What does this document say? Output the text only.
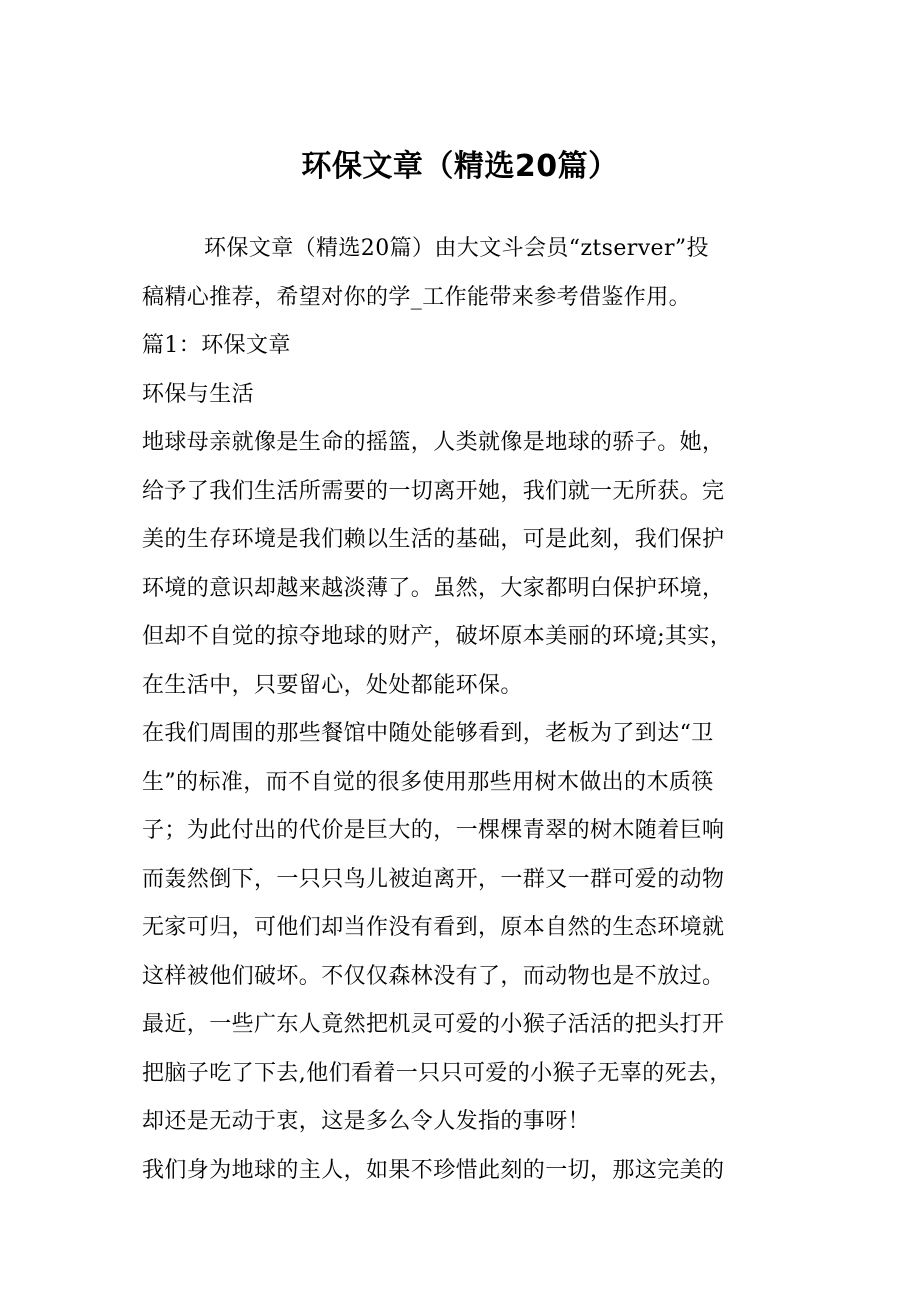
环保文章（精选20篇）
环保文章（精选20篇）由大文斗会员“ztserver”投
稿精心推荐，希望对你的学_工作能带来参考借鉴作用。
篇1：环保文章
环保与生活
地球母亲就像是生命的摇篮，人类就像是地球的骄子。她，
给予了我们生活所需要的一切离开她，我们就一无所获。完
美的生存环境是我们赖以生活的基础，可是此刻，我们保护
环境的意识却越来越淡薄了。虽然，大家都明白保护环境，
但却不自觉的掠夺地球的财产，破坏原本美丽的环境;其实，
在生活中，只要留心，处处都能环保。
在我们周围的那些餐馆中随处能够看到，老板为了到达“卫
生”的标准，而不自觉的很多使用那些用树木做出的木质筷
子；为此付出的代价是巨大的，一棵棵青翠的树木随着巨响
而轰然倒下，一只只鸟儿被迫离开，一群又一群可爱的动物
无家可归，可他们却当作没有看到，原本自然的生态环境就
这样被他们破坏。不仅仅森林没有了，而动物也是不放过。
最近，一些广东人竟然把机灵可爱的小猴子活活的把头打开
把脑子吃了下去,他们看着一只只可爱的小猴子无辜的死去，
却还是无动于衷，这是多么令人发指的事呀！
我们身为地球的主人，如果不珍惜此刻的一切，那这完美的
